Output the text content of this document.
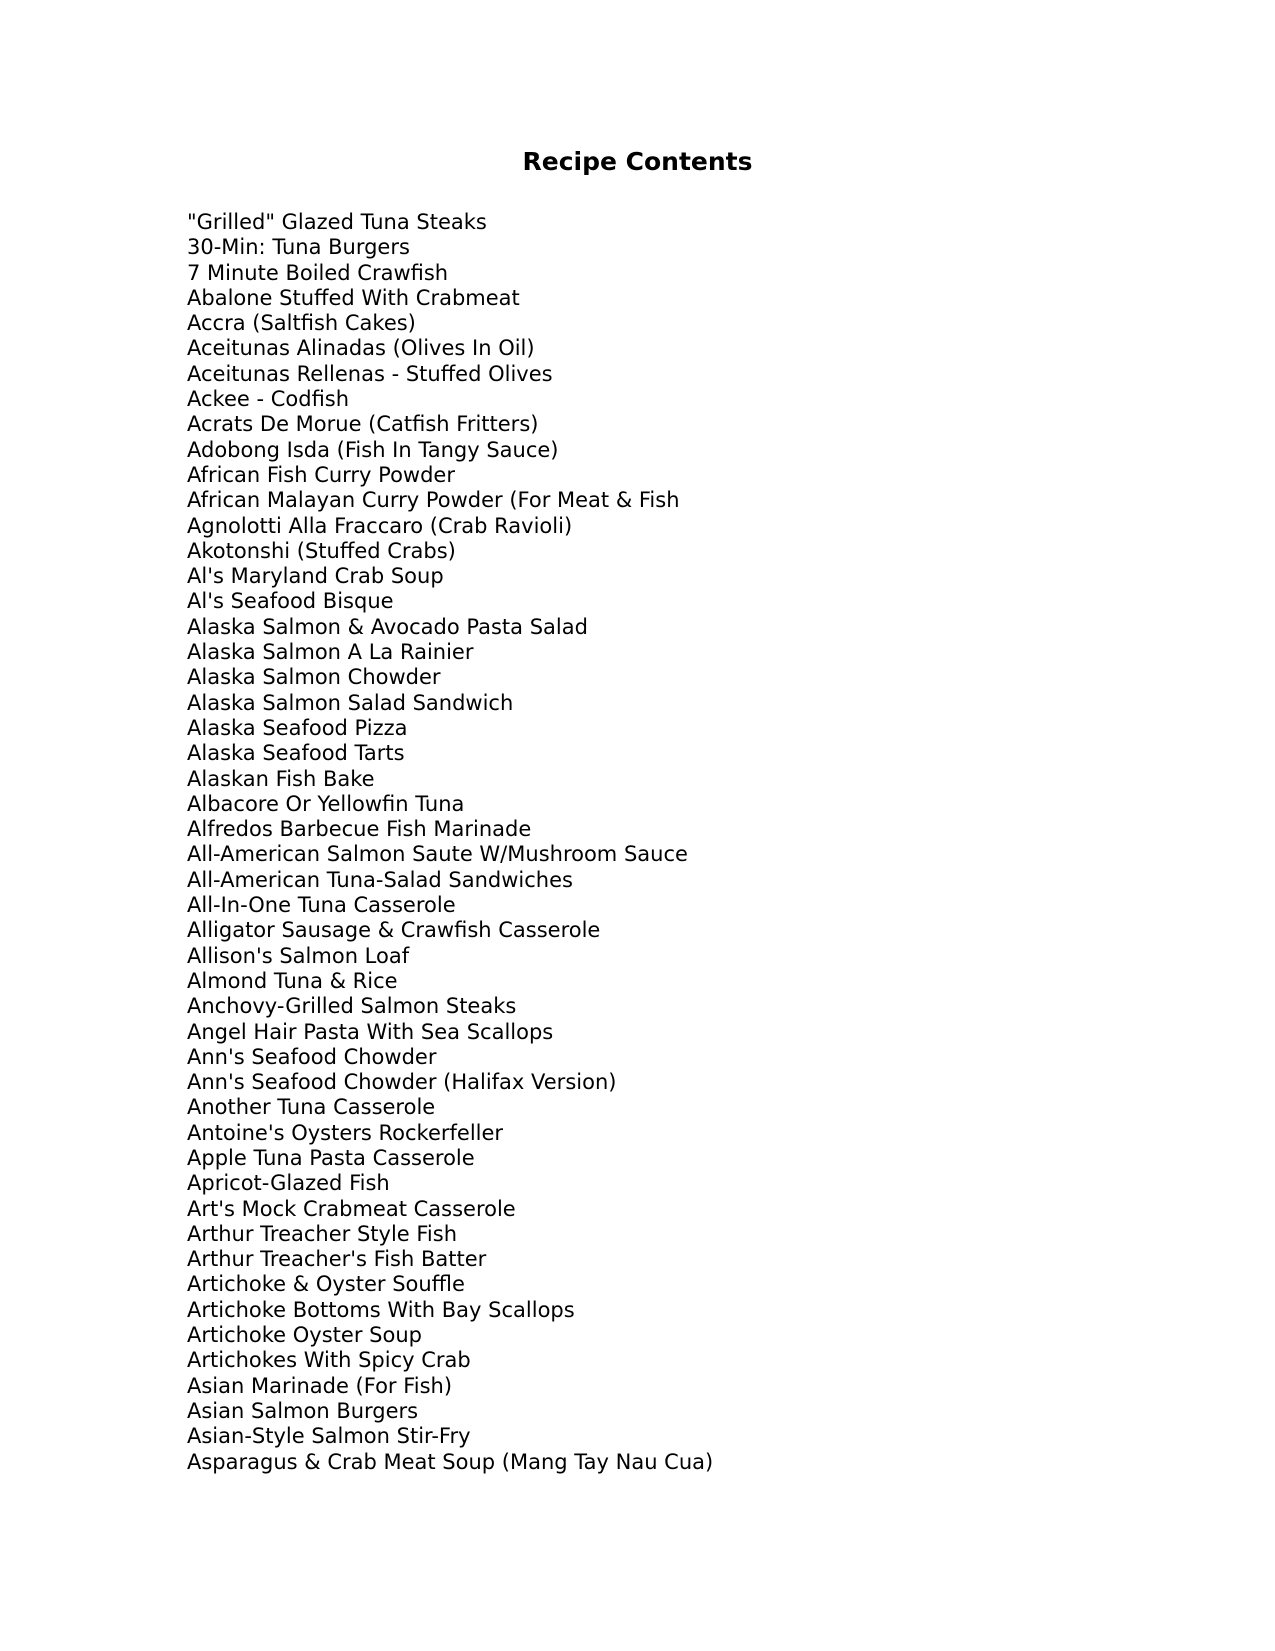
Recipe Contents
"Grilled" Glazed Tuna Steaks
30-Min: Tuna Burgers
7 Minute Boiled Crawfish
Abalone Stuffed With Crabmeat
Accra (Saltfish Cakes)
Aceitunas Alinadas (Olives In Oil)
Aceitunas Rellenas - Stuffed Olives
Ackee - Codfish
Acrats De Morue (Catfish Fritters)
Adobong Isda (Fish In Tangy Sauce)
African Fish Curry Powder
African Malayan Curry Powder (For Meat & Fish
Agnolotti Alla Fraccaro (Crab Ravioli)
Akotonshi (Stuffed Crabs)
Al's Maryland Crab Soup
Al's Seafood Bisque
Alaska Salmon & Avocado Pasta Salad
Alaska Salmon A La Rainier
Alaska Salmon Chowder
Alaska Salmon Salad Sandwich
Alaska Seafood Pizza
Alaska Seafood Tarts
Alaskan Fish Bake
Albacore Or Yellowfin Tuna
Alfredos Barbecue Fish Marinade
All-American Salmon Saute W/Mushroom Sauce
All-American Tuna-Salad Sandwiches
All-In-One Tuna Casserole
Alligator Sausage & Crawfish Casserole
Allison's Salmon Loaf
Almond Tuna & Rice
Anchovy-Grilled Salmon Steaks
Angel Hair Pasta With Sea Scallops
Ann's Seafood Chowder
Ann's Seafood Chowder (Halifax Version)
Another Tuna Casserole
Antoine's Oysters Rockerfeller
Apple Tuna Pasta Casserole
Apricot-Glazed Fish
Art's Mock Crabmeat Casserole
Arthur Treacher Style Fish
Arthur Treacher's Fish Batter
Artichoke & Oyster Souffle
Artichoke Bottoms With Bay Scallops
Artichoke Oyster Soup
Artichokes With Spicy Crab
Asian Marinade (For Fish)
Asian Salmon Burgers
Asian-Style Salmon Stir-Fry
Asparagus & Crab Meat Soup (Mang Tay Nau Cua)
